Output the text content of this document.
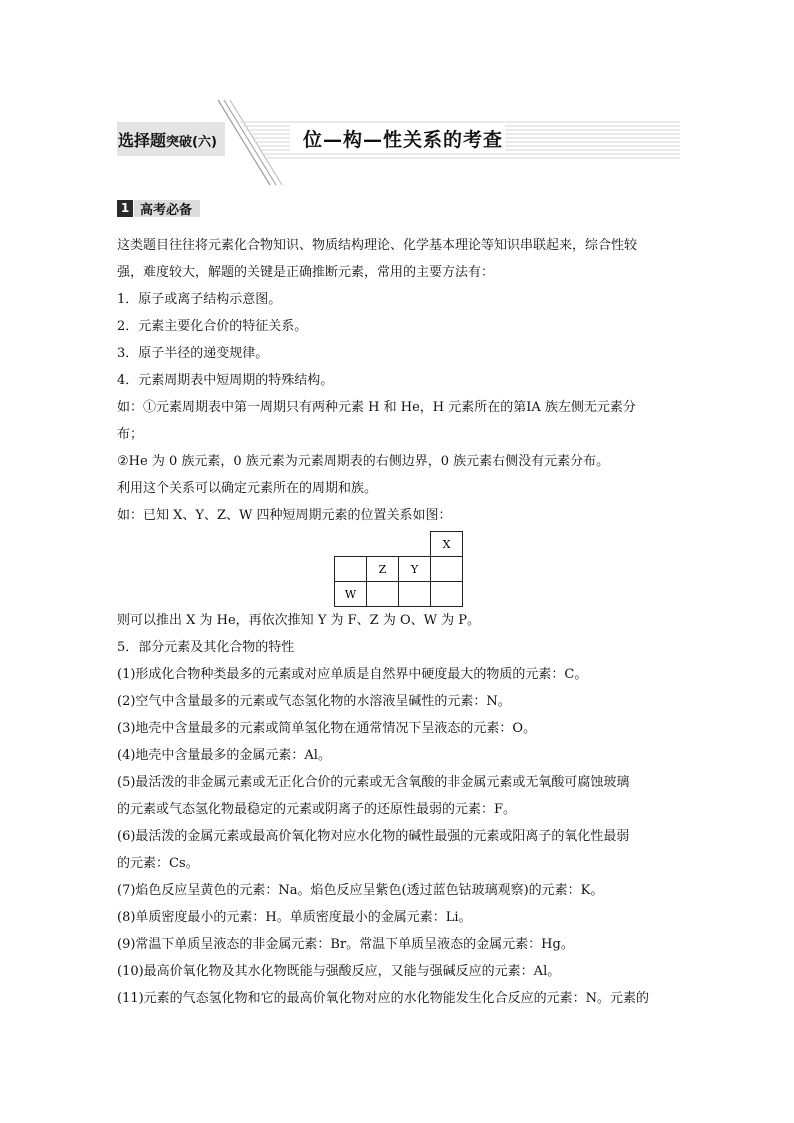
选择题突破(六)	位—构—性关系的考查
1 高考必备

这类题目往往将元素化合物知识、物质结构理论、化学基本理论等知识串联起来，综合性较

强，难度较大，解题的关键是正确推断元素，常用的主要方法有：

1．原子或离子结构示意图。

2．元素主要化合价的特征关系。

3．原子半径的递变规律。

4．元素周期表中短周期的特殊结构。

如：①元素周期表中第一周期只有两种元素 H 和 He，H 元素所在的第ⅠA 族左侧无元素分

布；

②He 为 0 族元素，0 族元素为元素周期表的右侧边界，0 族元素右侧没有元素分布。

利用这个关系可以确定元素所在的周期和族。

如：已知 X、Y、Z、W 四种短周期元素的位置关系如图：

X
Z Y
W

则可以推出 X 为 He，再依次推知 Y 为 F、Z 为 O、W 为 P。

5．部分元素及其化合物的特性

(1)形成化合物种类最多的元素或对应单质是自然界中硬度最大的物质的元素：C。

(2)空气中含量最多的元素或气态氢化物的水溶液呈碱性的元素：N。

(3)地壳中含量最多的元素或简单氢化物在通常情况下呈液态的元素：O。

(4)地壳中含量最多的金属元素：Al。

(5)最活泼的非金属元素或无正化合价的元素或无含氧酸的非金属元素或无氧酸可腐蚀玻璃

的元素或气态氢化物最稳定的元素或阴离子的还原性最弱的元素：F。

(6)最活泼的金属元素或最高价氧化物对应水化物的碱性最强的元素或阳离子的氧化性最弱

的元素：Cs。

(7)焰色反应呈黄色的元素：Na。焰色反应呈紫色(透过蓝色钴玻璃观察)的元素：K。

(8)单质密度最小的元素：H。单质密度最小的金属元素：Li。

(9)常温下单质呈液态的非金属元素：Br。常温下单质呈液态的金属元素：Hg。

(10)最高价氧化物及其水化物既能与强酸反应，又能与强碱反应的元素：Al。

(11)元素的气态氢化物和它的最高价氧化物对应的水化物能发生化合反应的元素：N。元素的
